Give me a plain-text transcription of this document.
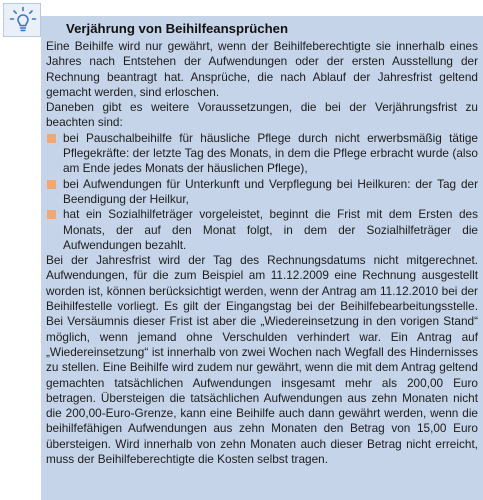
Verjährung von Beihilfeansprüchen

Eine Beihilfe wird nur gewährt, wenn der Beihilfeberechtigte sie innerhalb eines Jahres nach Entstehen der Aufwendungen oder der ersten Ausstellung der Rechnung beantragt hat. Ansprüche, die nach Ablauf der Jahresfrist geltend gemacht werden, sind erloschen.

Daneben gibt es weitere Voraussetzungen, die bei der Verjährungsfrist zu beachten sind:

bei Pauschalbeihilfe für häusliche Pflege durch nicht erwerbsmäßig tätige Pflegekräfte: der letzte Tag des Monats, in dem die Pflege erbracht wurde (also am Ende jedes Monats der häuslichen Pflege),
bei Aufwendungen für Unterkunft und Verpflegung bei Heilkuren: der Tag der Beendigung der Heilkur,
hat ein Sozialhilfeträger vorgeleistet, beginnt die Frist mit dem Ersten des Monats, der auf den Monat folgt, in dem der Sozialhilfeträger die Aufwendungen bezahlt.

Bei der Jahresfrist wird der Tag des Rechnungsdatums nicht mitgerechnet. Aufwendungen, für die zum Beispiel am 11.12.2009 eine Rechnung ausgestellt worden ist, können berücksichtigt werden, wenn der Antrag am 11.12.2010 bei der Beihilfestelle vorliegt. Es gilt der Eingangstag bei der Beihilfebearbeitungsstelle. Bei Versäumnis dieser Frist ist aber die „Wiedereinsetzung in den vorigen Stand“ möglich, wenn jemand ohne Verschulden verhindert war. Ein Antrag auf „Wiedereinsetzung“ ist innerhalb von zwei Wochen nach Wegfall des Hindernisses zu stellen. Eine Beihilfe wird zudem nur gewährt, wenn die mit dem Antrag geltend gemachten tatsächlichen Aufwendungen insgesamt mehr als 200,00 Euro betragen. Übersteigen die tatsächlichen Aufwendungen aus zehn Monaten nicht die 200,00-Euro-Grenze, kann eine Beihilfe auch dann gewährt werden, wenn die beihilfefähigen Aufwendungen aus zehn Monaten den Betrag von 15,00 Euro übersteigen. Wird innerhalb von zehn Monaten auch dieser Betrag nicht erreicht, muss der Beihilfeberechtigte die Kosten selbst tragen.
